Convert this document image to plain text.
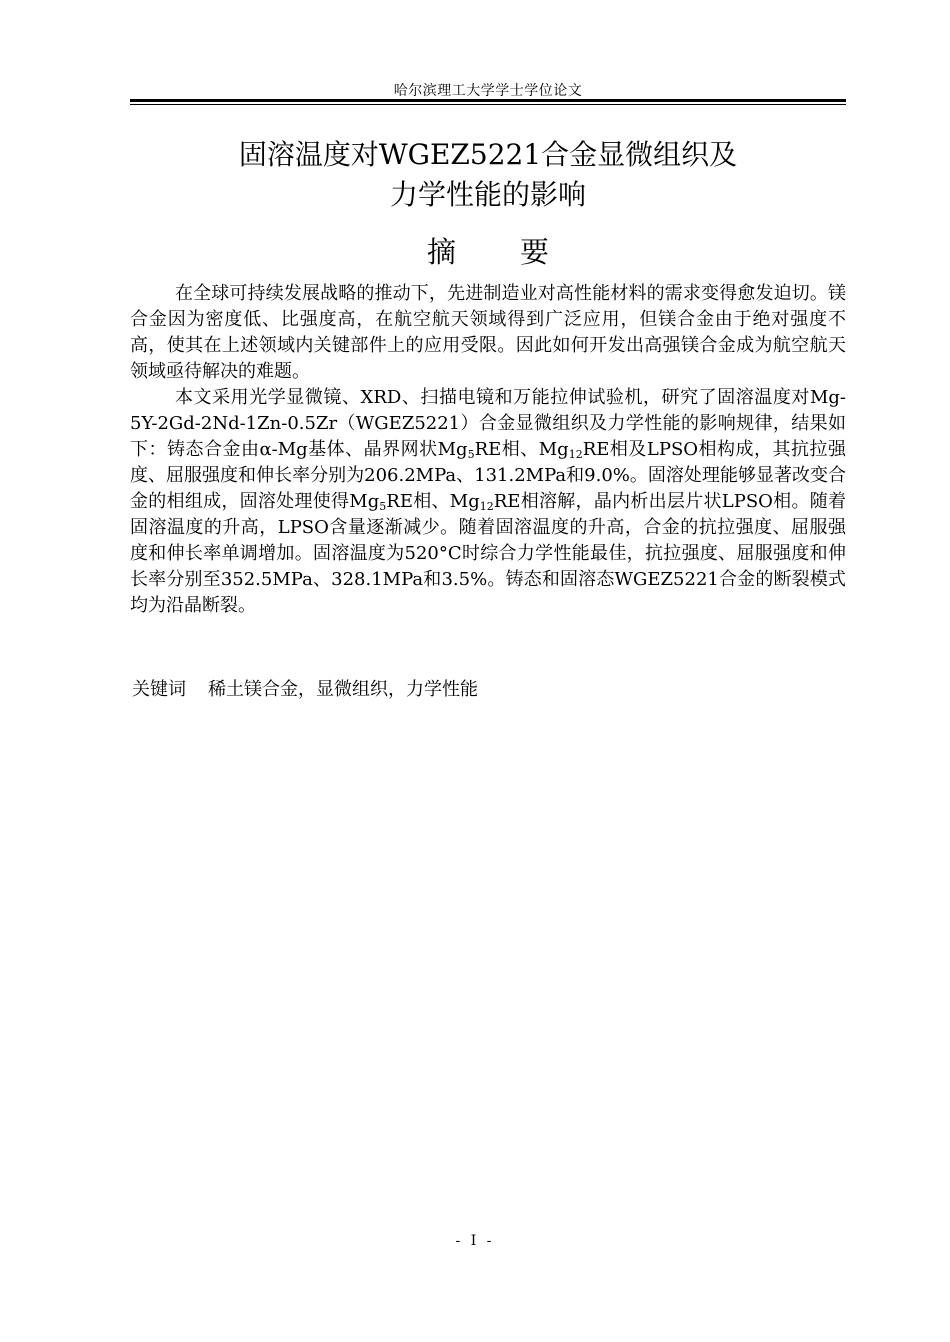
哈尔滨理工大学学士学位论文
固溶温度对WGEZ5221合金显微组织及
力学性能的影响
摘 要

在全球可持续发展战略的推动下，先进制造业对高性能材料的需求变得愈发迫切。镁合金因为密度低、比强度高，在航空航天领域得到广泛应用，但镁合金由于绝对强度不高，使其在上述领域内关键部件上的应用受限。因此如何开发出高强镁合金成为航空航天领域亟待解决的难题。

本文采用光学显微镜、XRD、扫描电镜和万能拉伸试验机，研究了固溶温度对Mg-5Y-2Gd-2Nd-1Zn-0.5Zr（WGEZ5221）合金显微组织及力学性能的影响规律，结果如下：铸态合金由α-Mg基体、晶界网状$Mg_5RE$相、$Mg_{12}RE$相及LPSO相构成，其抗拉强度、屈服强度和伸长率分别为206.2MPa、131.2MPa和9.0%。固溶处理能够显著改变合金的相组成，固溶处理使得$Mg_5RE$相、$Mg_{12}RE$相溶解，晶内析出层片状LPSO相。随着固溶温度的升高，LPSO含量逐渐减少。随着固溶温度的升高，合金的抗拉强度、屈服强度和伸长率单调增加。固溶温度为520°C时综合力学性能最佳，抗拉强度、屈服强度和伸长率分别至352.5MPa、328.1MPa和3.5%。铸态和固溶态WGEZ5221合金的断裂模式均为沿晶断裂。

关键词 稀土镁合金，显微组织，力学性能
- I -
